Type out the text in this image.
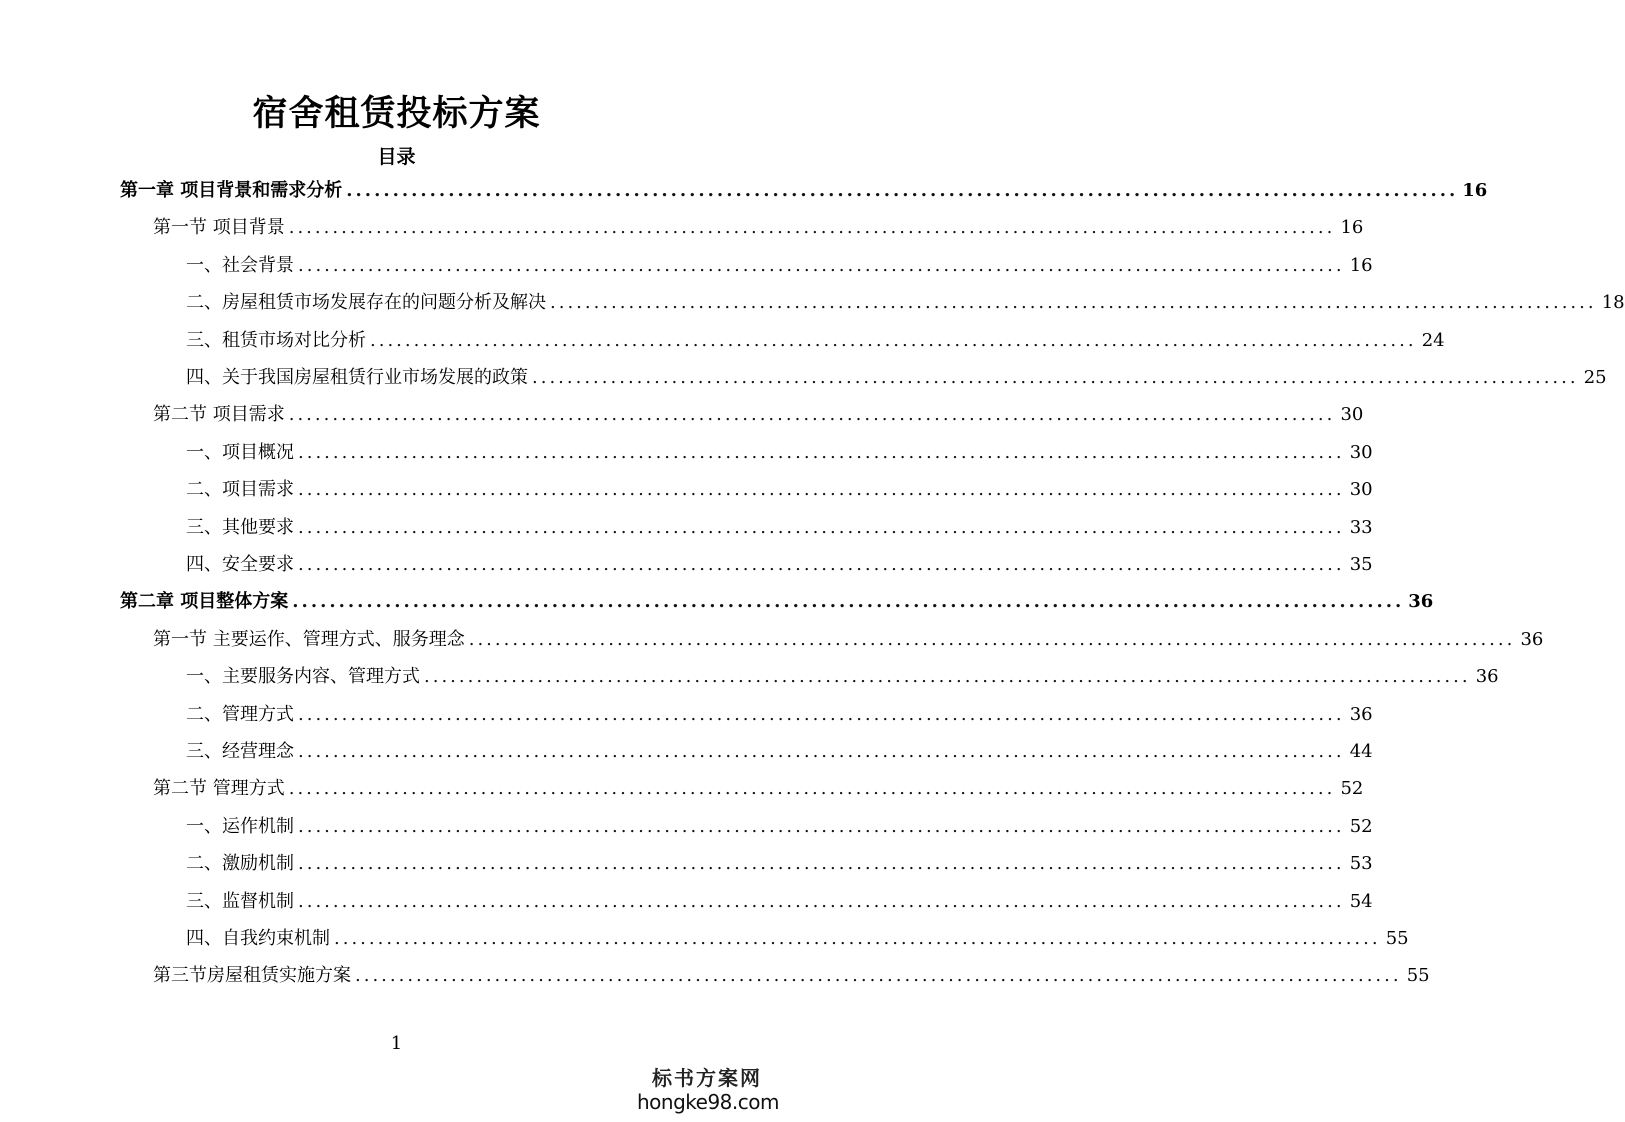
宿舍租赁投标方案
目录
第一章 项目背景和需求分析 ........................................................................................................................ 16
第一节 项目背景 ........................................................................................................................ 16
一、社会背景 ........................................................................................................................ 16
二、房屋租赁市场发展存在的问题分析及解决 ........................................................................................................................ 18
三、租赁市场对比分析 ........................................................................................................................ 24
四、关于我国房屋租赁行业市场发展的政策 ........................................................................................................................ 25
第二节 项目需求 ........................................................................................................................ 30
一、项目概况 ........................................................................................................................ 30
二、项目需求 ........................................................................................................................ 30
三、其他要求 ........................................................................................................................ 33
四、安全要求 ........................................................................................................................ 35
第二章 项目整体方案 ........................................................................................................................ 36
第一节 主要运作、管理方式、服务理念 ........................................................................................................................ 36
一、主要服务内容、管理方式 ........................................................................................................................ 36
二、管理方式 ........................................................................................................................ 36
三、经营理念 ........................................................................................................................ 44
第二节 管理方式 ........................................................................................................................ 52
一、运作机制 ........................................................................................................................ 52
二、激励机制 ........................................................................................................................ 53
三、监督机制 ........................................................................................................................ 54
四、自我约束机制 ........................................................................................................................ 55
第三节房屋租赁实施方案 ........................................................................................................................ 55
1
标书方案网
hongke98.com
